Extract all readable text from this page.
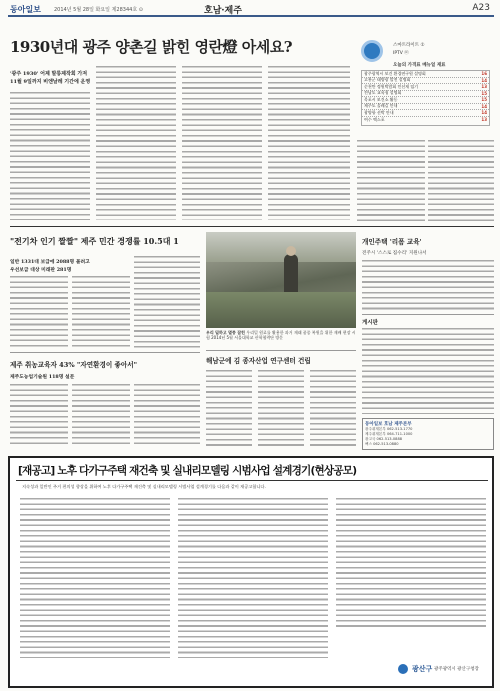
동아일보	2014년 5월 28일 화요일 제28344호 ⊙	호남·제주	A23
1930년대 광주 양촌길 밝힌 영란燈 아세요?
'광주 1930' 어제 말롱제작회 가져
11월 9일까지 비엔날레 기간에 운영
스마트라이트 ①
IPTV ⓦ
오늘의 가격표 메뉴얼 재료
광주광역시 보건 환경연구원 설명회	16
고흥군 태양광 발전 설명회	14
순천만 정원박람회 인선재 임기	13
전남도 교육청 설명회	15
목포시 보건소 활동	15
제주도 올레길 안내	14
광양항 선박 안내	14
여수 엑스포	13
"전기차 인기 짤짤" 제주 민간 경쟁률 10.5대 1
일반 1331대 보급에 2088명 몰려고
우선보급 대상 미래판 281명
제주 취농교육자 43% "자연환경이 좋아서"
제주도농업기술원 118명 설문
우리 밀하고 멸종 잡힌 우리밀 원료를 활용한 과거 재래 품종 복원을 위한 재배 현장 시험 2014년 5월 서울대학교 산학협력단 방문
해남군에 김 종자산업 연구센터 건립
개인주택 '리폼 교육'
전주시 '스스로 집수리' 지원나서
게시판
동아일보 호남 제주본부
광주취재본부 062-513-1770
제주취재본부 064-711-1000
광고국 062-513-0888
팩스 062-513-0880
[재공고] 노후 다가구주택 재건축 및 실내리모델링 시범사업 설계경기(현상공모)
지속성과 일반인 주거 편의성 향상을 위하여 노후 다가구주택 재건축 및 실내리모델링 시범사업 설계경기를 다음과 같이 재공고합니다.
광산구 광주광역시 광산구청장
